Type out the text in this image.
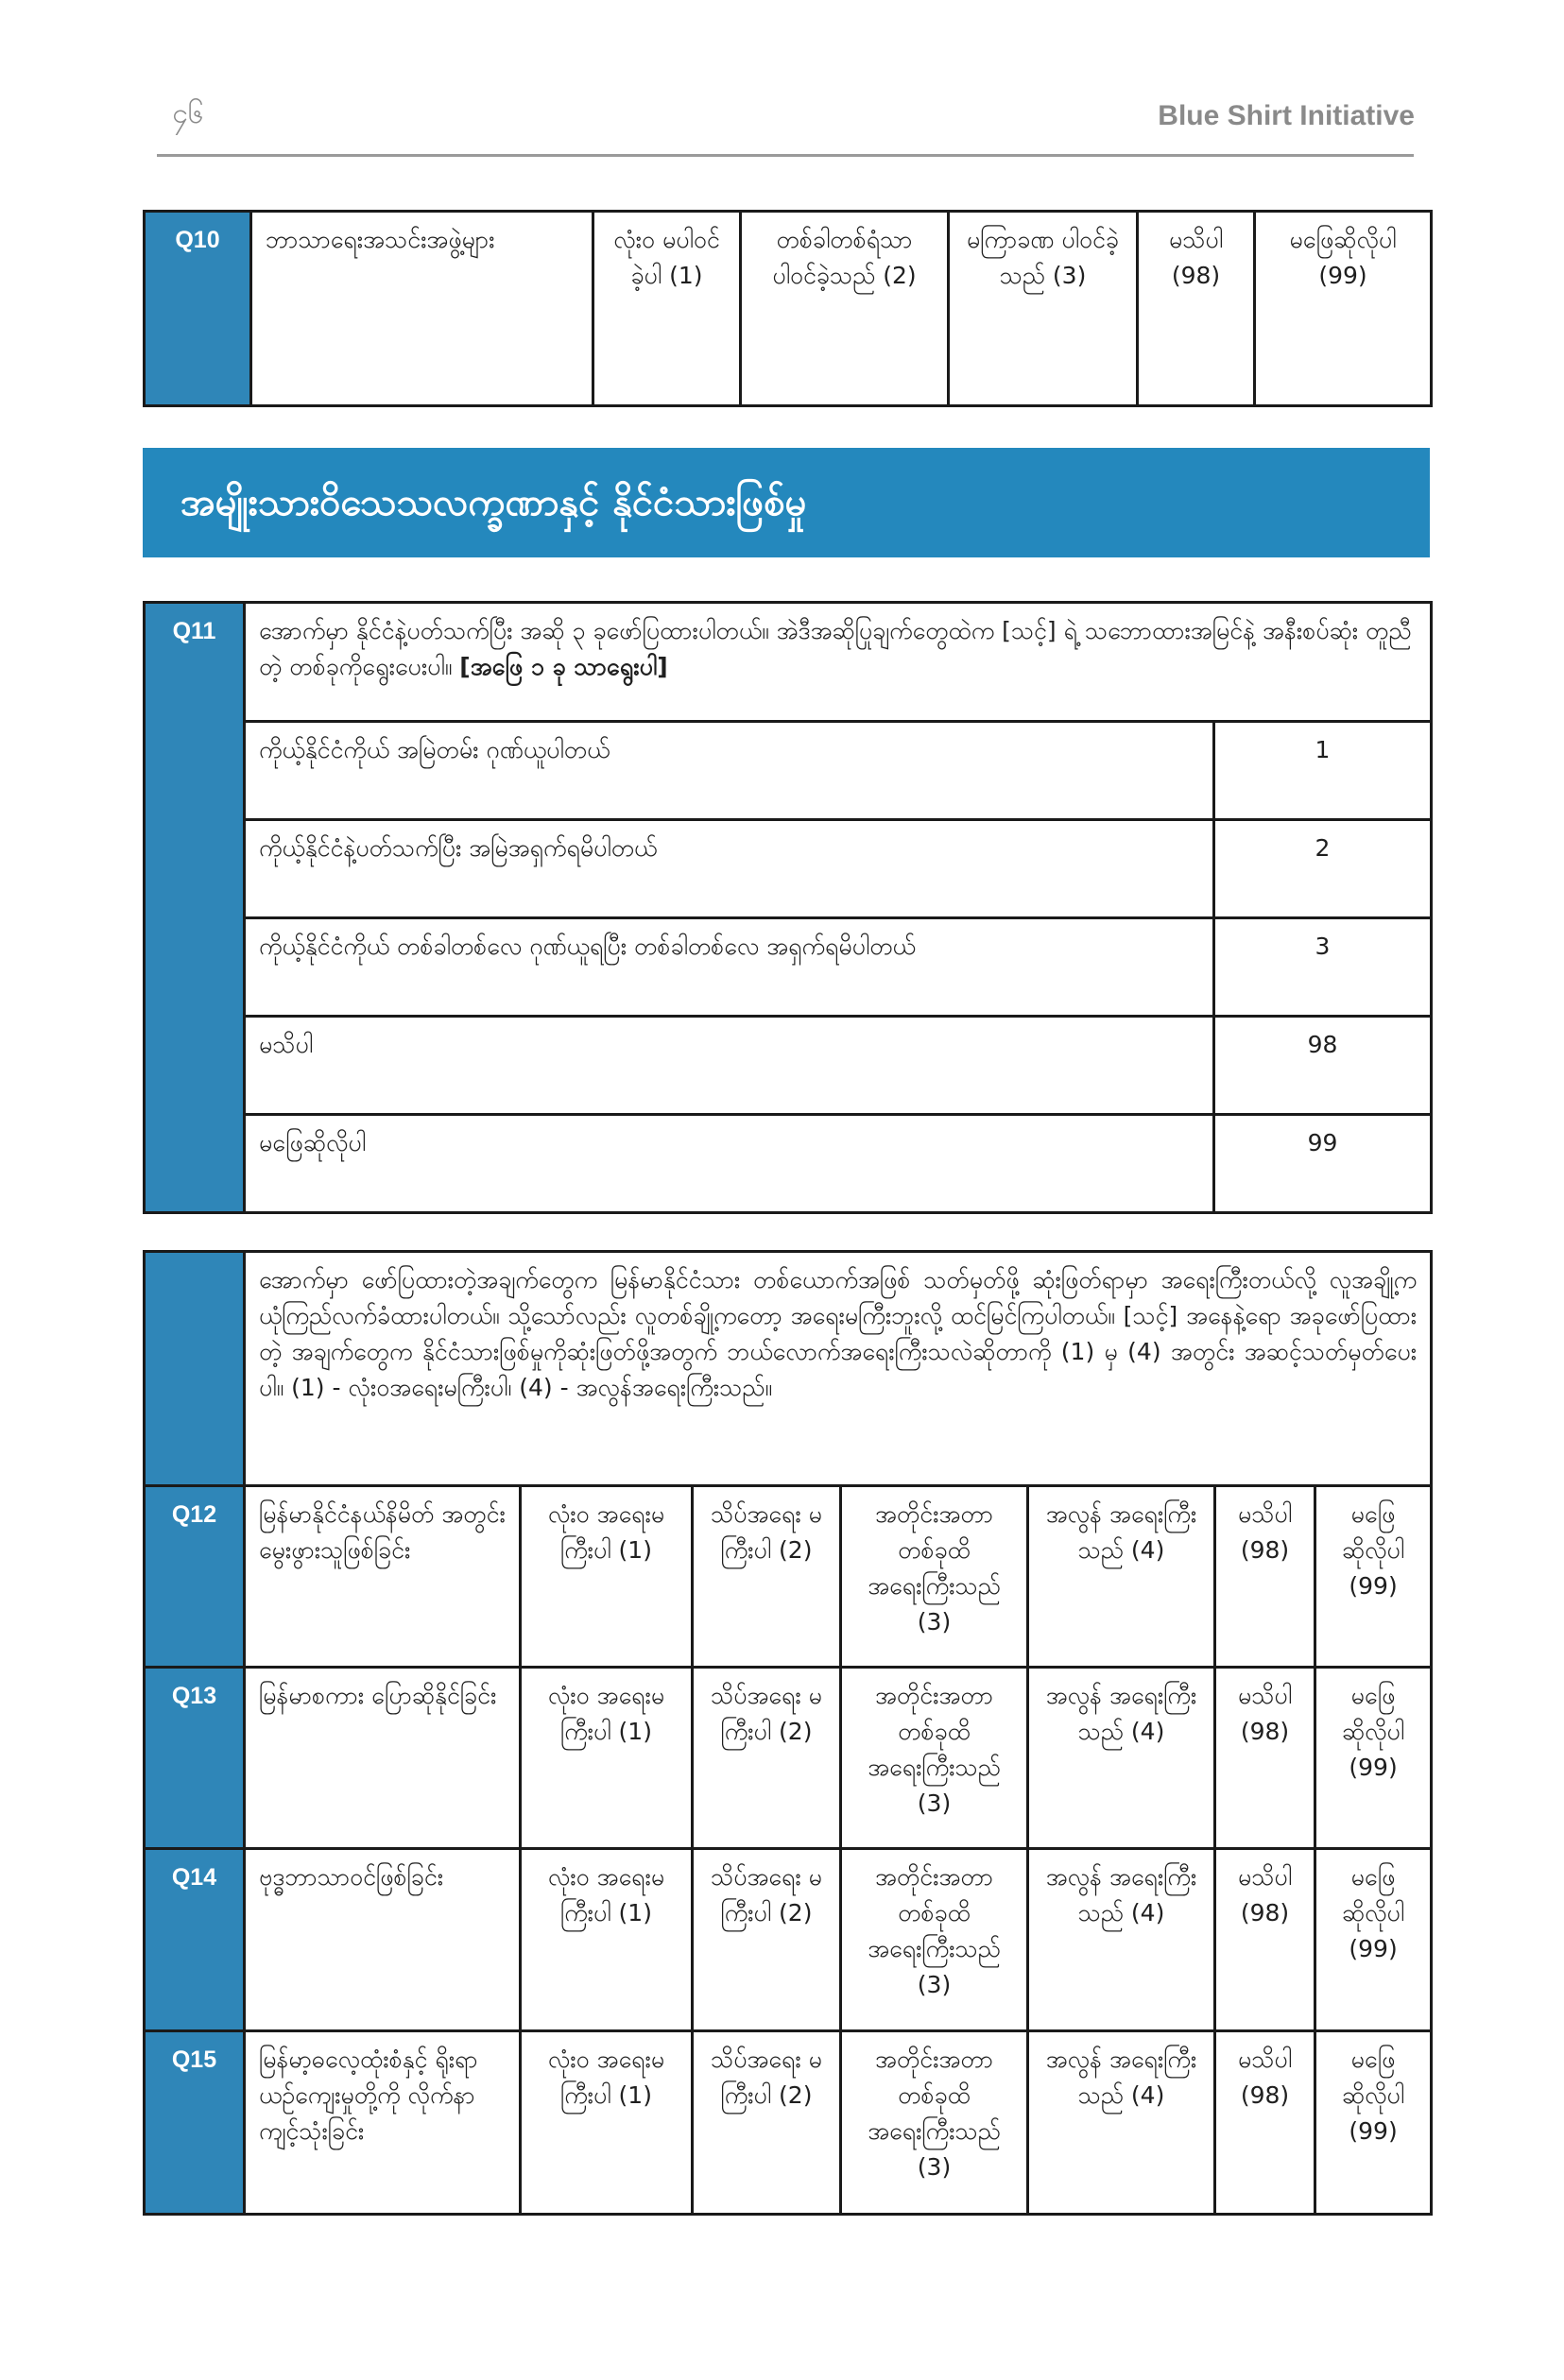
၄၆	Blue Shirt Initiative
Q10	ဘာသာရေးအသင်းအဖွဲ့များ	လုံးဝ မပါဝင်ခဲ့ပါ (1)	တစ်ခါတစ်ရံသာ ပါဝင်ခဲ့သည် (2)	မကြာခဏ ပါဝင်ခဲ့သည် (3)	မသိပါ (98)	မဖြေဆိုလိုပါ (99)
အမျိုးသားဝိသေသလက္ခဏာနှင့် နိုင်ငံသားဖြစ်မှု
Q11	အောက်မှာ နိုင်ငံနဲ့ပတ်သက်ပြီး အဆို ၃ ခုဖော်ပြထားပါတယ်။ အဲဒီအဆိုပြုချက်တွေထဲက [သင့်] ရဲ့ သဘောထားအမြင်နဲ့ အနီးစပ်ဆုံး တူညီတဲ့ တစ်ခုကိုရွေးပေးပါ။ [အဖြေ ၁ ခု သာရွေးပါ]	
	ကိုယ့်နိုင်ငံကိုယ် အမြဲတမ်း ဂုဏ်ယူပါတယ်	1
	ကိုယ့်နိုင်ငံနဲ့ပတ်သက်ပြီး အမြဲအရှက်ရမိပါတယ်	2
	ကိုယ့်နိုင်ငံကိုယ် တစ်ခါတစ်လေ ဂုဏ်ယူရပြီး တစ်ခါတစ်လေ အရှက်ရမိပါတယ်	3
	မသိပါ	98
	မဖြေဆိုလိုပါ	99
	အောက်မှာ ဖော်ပြထားတဲ့အချက်တွေက မြန်မာနိုင်ငံသား တစ်ယောက်အဖြစ် သတ်မှတ်ဖို့ ဆုံးဖြတ်ရာမှာ အရေးကြီးတယ်လို့ လူအချို့က ယုံကြည်လက်ခံထားပါတယ်။ သို့သော်လည်း လူတစ်ချို့ကတော့ အရေးမကြီးဘူးလို့ ထင်မြင်ကြပါတယ်။ [သင့်] အနေနဲ့ရော အခုဖော်ပြထားတဲ့ အချက်တွေက နိုင်ငံသားဖြစ်မှုကိုဆုံးဖြတ်ဖို့အတွက် ဘယ်လောက်အရေးကြီးသလဲဆိုတာကို (1) မှ (4) အတွင်း အဆင့်သတ်မှတ်ပေးပါ။ (1) - လုံးဝအရေးမကြီးပါ၊ (4) - အလွန်အရေးကြီးသည်။						
Q12	မြန်မာနိုင်ငံနယ်နိမိတ် အတွင်း မွေးဖွားသူဖြစ်ခြင်း	လုံးဝ အရေးမကြီးပါ (1)	သိပ်အရေး မကြီးပါ (2)	အတိုင်းအတာ တစ်ခုထိ အရေးကြီးသည် (3)	အလွန် အရေးကြီးသည် (4)	မသိပါ (98)	မဖြေ ဆိုလိုပါ (99)
Q13	မြန်မာစကား ပြောဆိုနိုင်ခြင်း	လုံးဝ အရေးမကြီးပါ (1)	သိပ်အရေး မကြီးပါ (2)	အတိုင်းအတာ တစ်ခုထိ အရေးကြီးသည် (3)	အလွန် အရေးကြီးသည် (4)	မသိပါ (98)	မဖြေ ဆိုလိုပါ (99)
Q14	ဗုဒ္ဓဘာသာဝင်ဖြစ်ခြင်း	လုံးဝ အရေးမကြီးပါ (1)	သိပ်အရေး မကြီးပါ (2)	အတိုင်းအတာ တစ်ခုထိ အရေးကြီးသည် (3)	အလွန် အရေးကြီးသည် (4)	မသိပါ (98)	မဖြေ ဆိုလိုပါ (99)
Q15	မြန်မာ့ဓလေ့ထုံးစံနှင့် ရိုးရာယဉ်ကျေးမှုတို့ကို လိုက်နာကျင့်သုံးခြင်း	လုံးဝ အရေးမကြီးပါ (1)	သိပ်အရေး မကြီးပါ (2)	အတိုင်းအတာ တစ်ခုထိ အရေးကြီးသည် (3)	အလွန် အရေးကြီးသည် (4)	မသိပါ (98)	မဖြေ ဆိုလိုပါ (99)
